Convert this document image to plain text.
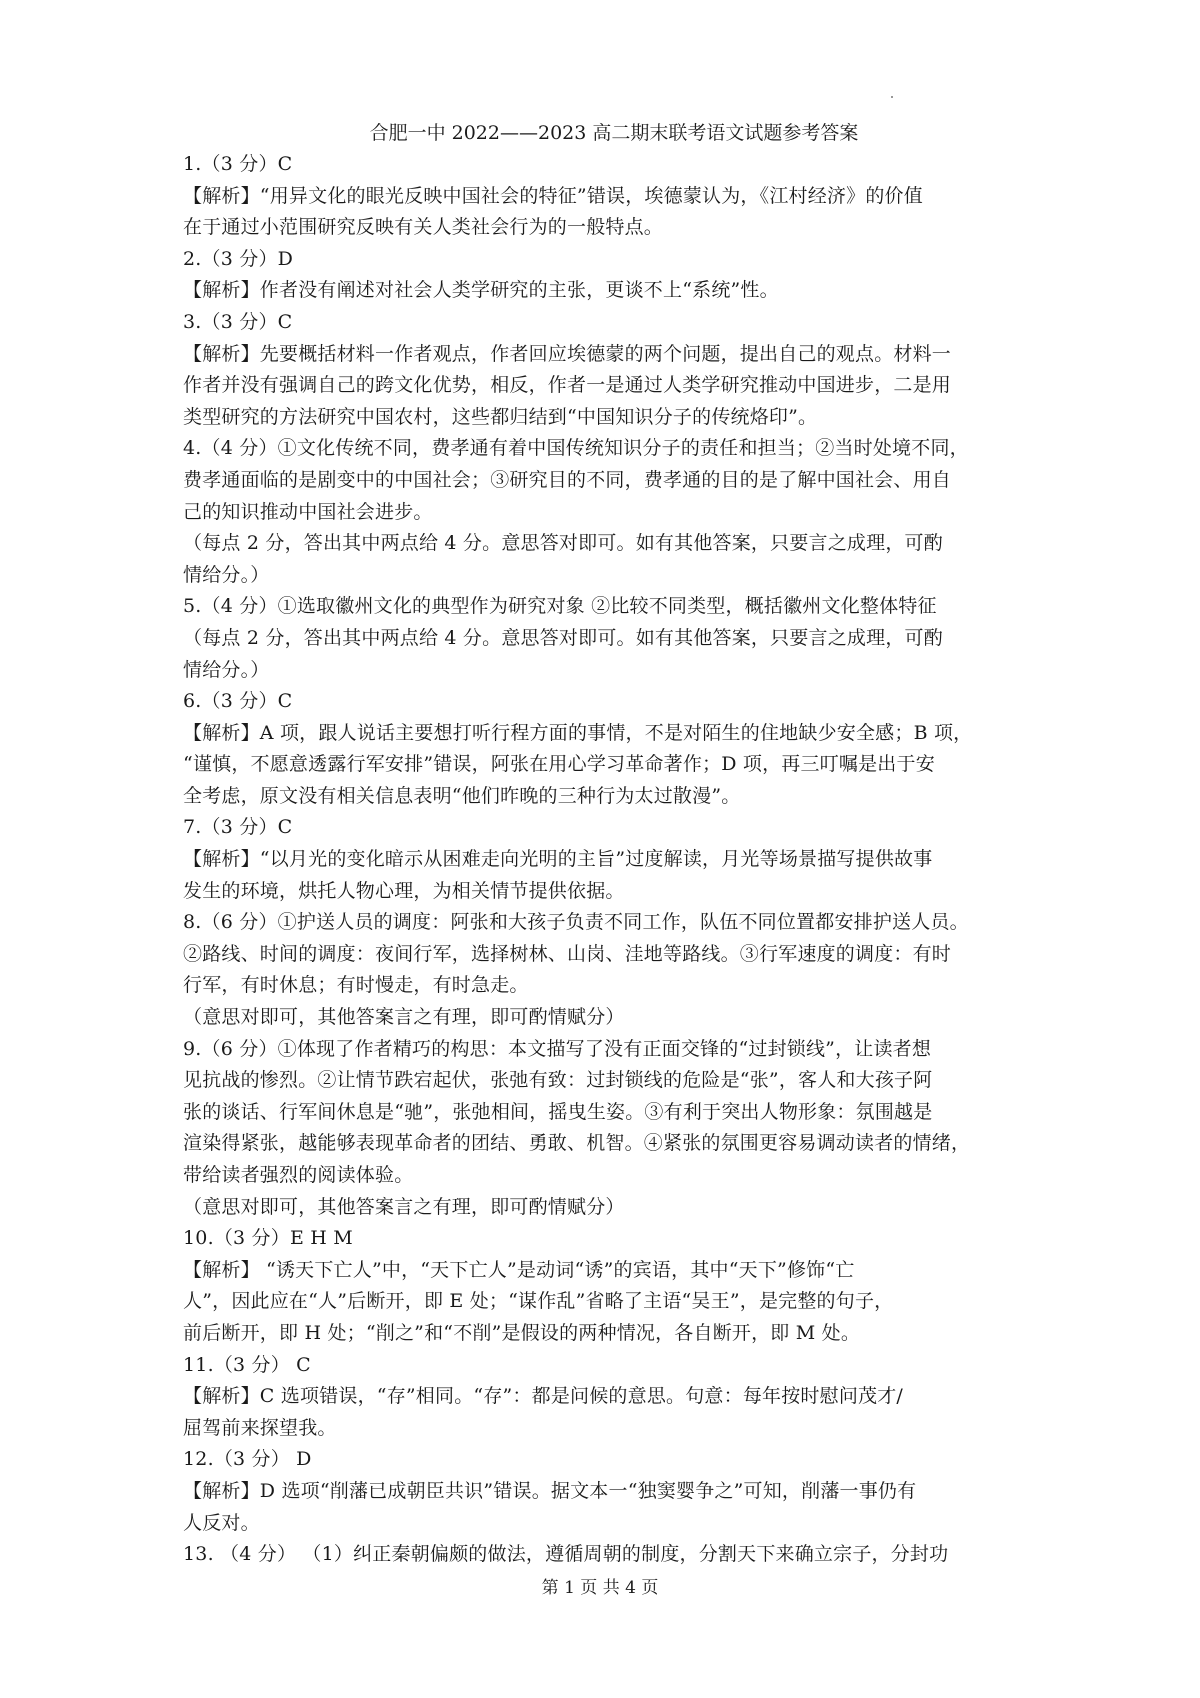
合肥一中 2022——2023 高二期末联考语文试题参考答案
1.（3 分）C
【解析】“用异文化的眼光反映中国社会的特征”错误，埃德蒙认为，《江村经济》的价值
在于通过小范围研究反映有关人类社会行为的一般特点。
2.（3 分）D
【解析】作者没有阐述对社会人类学研究的主张，更谈不上“系统”性。
3.（3 分）C
【解析】先要概括材料一作者观点，作者回应埃德蒙的两个问题，提出自己的观点。材料一
作者并没有强调自己的跨文化优势，相反，作者一是通过人类学研究推动中国进步，二是用
类型研究的方法研究中国农村，这些都归结到“中国知识分子的传统烙印”。
4.（4 分）①文化传统不同，费孝通有着中国传统知识分子的责任和担当；②当时处境不同，
费孝通面临的是剧变中的中国社会；③研究目的不同，费孝通的目的是了解中国社会、用自
己的知识推动中国社会进步。
（每点 2 分，答出其中两点给 4 分。意思答对即可。如有其他答案，只要言之成理，可酌
情给分。）
5.（4 分）①选取徽州文化的典型作为研究对象 ②比较不同类型，概括徽州文化整体特征
（每点 2 分，答出其中两点给 4 分。意思答对即可。如有其他答案，只要言之成理，可酌
情给分。）
6.（3 分）C
【解析】A 项，跟人说话主要想打听行程方面的事情，不是对陌生的住地缺少安全感；B 项，
“谨慎，不愿意透露行军安排”错误，阿张在用心学习革命著作；D 项，再三叮嘱是出于安
全考虑，原文没有相关信息表明“他们昨晚的三种行为太过散漫”。
7.（3 分）C
【解析】“以月光的变化暗示从困难走向光明的主旨”过度解读，月光等场景描写提供故事
发生的环境，烘托人物心理，为相关情节提供依据。
8.（6 分）①护送人员的调度：阿张和大孩子负责不同工作，队伍不同位置都安排护送人员。
②路线、时间的调度：夜间行军，选择树林、山岗、洼地等路线。③行军速度的调度：有时
行军，有时休息；有时慢走，有时急走。
（意思对即可，其他答案言之有理，即可酌情赋分）
9.（6 分）①体现了作者精巧的构思：本文描写了没有正面交锋的“过封锁线”，让读者想
见抗战的惨烈。②让情节跌宕起伏，张弛有致：过封锁线的危险是“张”，客人和大孩子阿
张的谈话、行军间休息是“驰”，张弛相间，摇曳生姿。③有利于突出人物形象：氛围越是
渲染得紧张，越能够表现革命者的团结、勇敢、机智。④紧张的氛围更容易调动读者的情绪，
带给读者强烈的阅读体验。
（意思对即可，其他答案言之有理，即可酌情赋分）
10.（3 分）E H M
【解析】 “诱天下亡人”中，“天下亡人”是动词“诱”的宾语，其中“天下”修饰“亡
人”，因此应在“人”后断开，即 E 处；“谋作乱”省略了主语“吴王”，是完整的句子，
前后断开，即 H 处；“削之”和“不削”是假设的两种情况，各自断开，即 M 处。
11.（3 分） C
【解析】C 选项错误，“存”相同。“存”：都是问候的意思。句意：每年按时慰问茂才/
屈驾前来探望我。
12.（3 分） D
【解析】D 选项“削藩已成朝臣共识”错误。据文本一“独窦婴争之”可知，削藩一事仍有
人反对。
13. （4 分） （1）纠正秦朝偏颇的做法，遵循周朝的制度，分割天下来确立宗子，分封功
第 1 页 共 4 页
